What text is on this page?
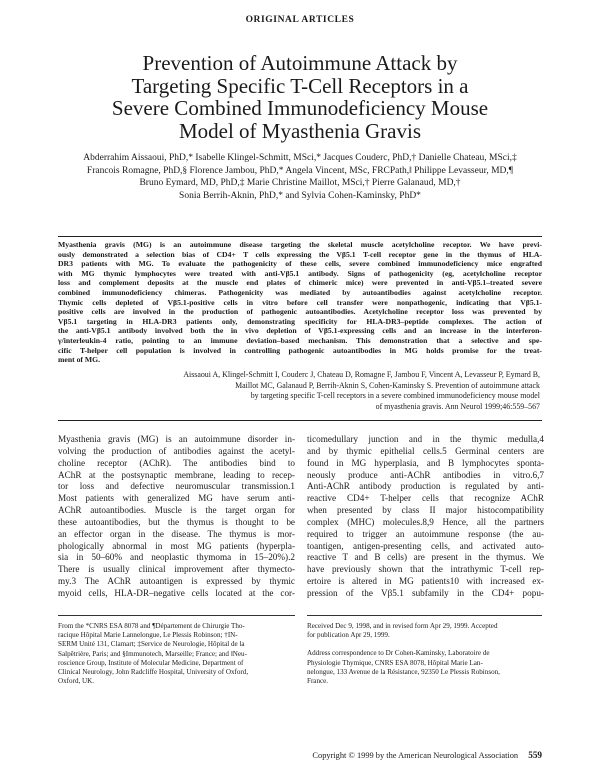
ORIGINAL ARTICLES
Prevention of Autoimmune Attack by
Targeting Specific T-Cell Receptors in a
Severe Combined Immunodeficiency Mouse
Model of Myasthenia Gravis
Abderrahim Aissaoui, PhD,* Isabelle Klingel-Schmitt, MSci,* Jacques Couderc, PhD,† Danielle Chateau, MSci,‡
Francois Romagne, PhD,§ Florence Jambou, PhD,* Angela Vincent, MSc, FRCPath,‖ Philippe Levasseur, MD,¶
Bruno Eymard, MD, PhD,‡ Marie Christine Maillot, MSci,† Pierre Galanaud, MD,†
Sonia Berrih-Aknin, PhD,* and Sylvia Cohen-Kaminsky, PhD*
Myasthenia gravis (MG) is an autoimmune disease targeting the skeletal muscle acetylcholine receptor. We have previ-
ously demonstrated a selection bias of CD4+ T cells expressing the Vβ5.1 T-cell receptor gene in the thymus of HLA-
DR3 patients with MG. To evaluate the pathogenicity of these cells, severe combined immunodeficiency mice engrafted
with MG thymic lymphocytes were treated with anti-Vβ5.1 antibody. Signs of pathogenicity (eg, acetylcholine receptor
loss and complement deposits at the muscle end plates of chimeric mice) were prevented in anti-Vβ5.1–treated severe
combined immunodeficiency chimeras. Pathogenicity was mediated by autoantibodies against acetylcholine receptor.
Thymic cells depleted of Vβ5.1-positive cells in vitro before cell transfer were nonpathogenic, indicating that Vβ5.1-
positive cells are involved in the production of pathogenic autoantibodies. Acetylcholine receptor loss was prevented by
Vβ5.1 targeting in HLA-DR3 patients only, demonstrating specificity for HLA-DR3–peptide complexes. The action of
the anti-Vβ5.1 antibody involved both the in vivo depletion of Vβ5.1-expressing cells and an increase in the interferon-
γ/interleukin-4 ratio, pointing to an immune deviation–based mechanism. This demonstration that a selective and spe-
cific T-helper cell population is involved in controlling pathogenic autoantibodies in MG holds promise for the treat-
ment of MG.
Aissaoui A, Klingel-Schmitt I, Couderc J, Chateau D, Romagne F, Jambou F, Vincent A, Levasseur P, Eymard B,
Maillot MC, Galanaud P, Berrih-Aknin S, Cohen-Kaminsky S. Prevention of autoimmune attack
by targeting specific T-cell receptors in a severe combined immunodeficiency mouse model
of myasthenia gravis. Ann Neurol 1999;46:559–567
Myasthenia gravis (MG) is an autoimmune disorder in-
volving the production of antibodies against the acetyl-
choline receptor (AChR). The antibodies bind to
AChR at the postsynaptic membrane, leading to recep-
tor loss and defective neuromuscular transmission.1
Most patients with generalized MG have serum anti-
AChR autoantibodies. Muscle is the target organ for
these autoantibodies, but the thymus is thought to be
an effector organ in the disease. The thymus is mor-
phologically abnormal in most MG patients (hyperpla-
sia in 50–60% and neoplastic thymoma in 15–20%).2
There is usually clinical improvement after thymecto-
my.3 The AChR autoantigen is expressed by thymic
myoid cells, HLA-DR–negative cells located at the cor-
ticomedullary junction and in the thymic medulla,4
and by thymic epithelial cells.5 Germinal centers are
found in MG hyperplasia, and B lymphocytes sponta-
neously produce anti-AChR antibodies in vitro.6,7
Anti-AChR antibody production is regulated by anti-
reactive CD4+ T-helper cells that recognize AChR
when presented by class II major histocompatibility
complex (MHC) molecules.8,9 Hence, all the partners
required to trigger an autoimmune response (the au-
toantigen, antigen-presenting cells, and activated auto-
reactive T and B cells) are present in the thymus. We
have previously shown that the intrathymic T-cell rep-
ertoire is altered in MG patients10 with increased ex-
pression of the Vβ5.1 subfamily in the CD4+ popu-
From the *CNRS ESA 8078 and ¶Département de Chirurgie Tho-
racique Hôpital Marie Lannelongue, Le Plessis Robinson; †IN-
SERM Unité 131, Clamart; ‡Service de Neurologie, Hôpital de la
Salpêtrière, Paris; and §Immunotech, Marseille; France; and ‖Neu-
roscience Group, Institute of Molecular Medicine, Department of
Clinical Neurology, John Radcliffe Hospital, University of Oxford,
Oxford, UK.
Received Dec 9, 1998, and in revised form Apr 29, 1999. Accepted
for publication Apr 29, 1999.
Address correspondence to Dr Cohen-Kaminsky, Laboratoire de
Physiologie Thymique, CNRS ESA 8078, Hôpital Marie Lan-
nelongue, 133 Avenue de la Résistance, 92350 Le Plessis Robinson,
France.
Copyright © 1999 by the American Neurological Association 559
